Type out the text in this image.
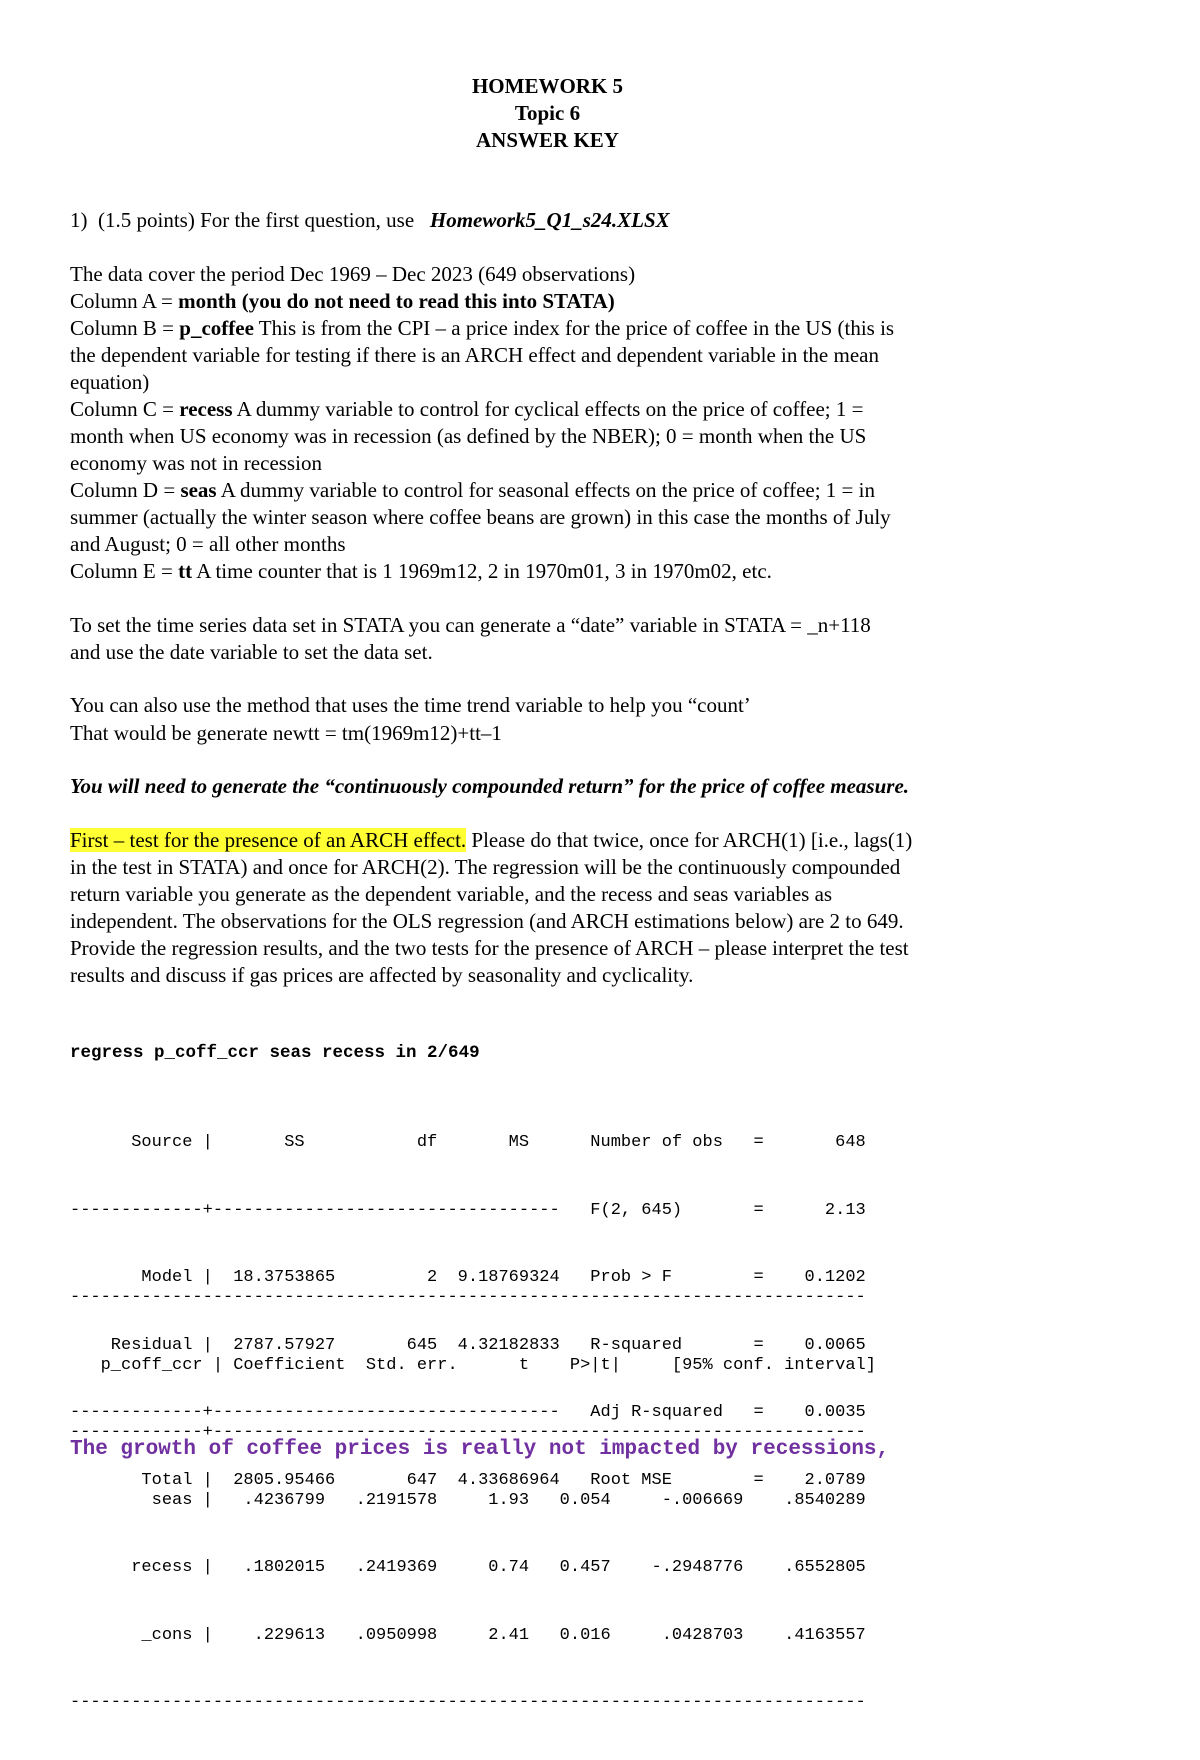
HOMEWORK 5
Topic 6
ANSWER KEY
1) (1.5 points) For the first question, use Homework5_Q1_s24.XLSX
The data cover the period Dec 1969 – Dec 2023 (649 observations)
Column A = month (you do not need to read this into STATA)
Column B = p_coffee This is from the CPI – a price index for the price of coffee in the US (this is
the dependent variable for testing if there is an ARCH effect and dependent variable in the mean
equation)
Column C = recess A dummy variable to control for cyclical effects on the price of coffee; 1 =
month when US economy was in recession (as defined by the NBER); 0 = month when the US
economy was not in recession
Column D = seas A dummy variable to control for seasonal effects on the price of coffee; 1 = in
summer (actually the winter season where coffee beans are grown) in this case the months of July
and August; 0 = all other months
Column E = tt A time counter that is 1 1969m12, 2 in 1970m01, 3 in 1970m02, etc.
To set the time series data set in STATA you can generate a “date” variable in STATA = _n+118
and use the date variable to set the data set.
You can also use the method that uses the time trend variable to help you “count’
That would be generate newtt = tm(1969m12)+tt–1
You will need to generate the “continuously compounded return” for the price of coffee measure.
First – test for the presence of an ARCH effect. Please do that twice, once for ARCH(1) [i.e., lags(1)
in the test in STATA) and once for ARCH(2). The regression will be the continuously compounded
return variable you generate as the dependent variable, and the recess and seas variables as
independent. The observations for the OLS regression (and ARCH estimations below) are 2 to 649.
Provide the regression results, and the two tests for the presence of ARCH – please interpret the test
results and discuss if gas prices are affected by seasonality and cyclicality.
regress p_coff_ccr seas recess in 2/649

Source |       SS           df       MS      Number of obs   =       648

-------------+----------------------------------   F(2, 645)       =      2.13

Model |  18.3753865         2  9.18769324   Prob > F        =    0.1202

Residual |  2787.57927       645  4.32182833   R-squared       =    0.0065

-------------+----------------------------------   Adj R-squared   =    0.0035

Total |  2805.95466       647  4.33686964   Root MSE        =    2.0789

------------------------------------------------------------------------------

p_coff_ccr | Coefficient  Std. err.      t    P>|t|     [95% conf. interval]

-------------+----------------------------------------------------------------

seas |   .4236799   .2191578     1.93   0.054     -.006669    .8540289

recess |   .1802015   .2419369     0.74   0.457    -.2948776    .6552805

_cons |    .229613   .0950998     2.41   0.016     .0428703    .4163557

------------------------------------------------------------------------------

The growth of coffee prices is really not impacted by recessions,
